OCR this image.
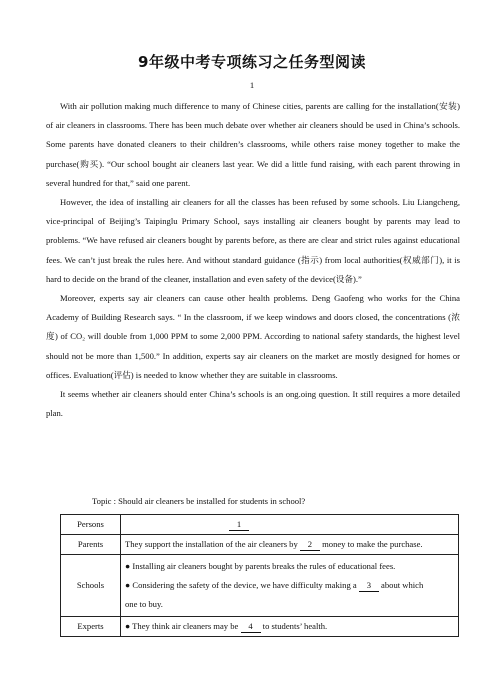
9年级中考专项练习之任务型阅读
1

With air pollution making much difference to many of Chinese cities, parents are calling for the installation(安装) of air cleaners in classrooms. There has been much debate over whether air cleaners should be used in China’s schools. Some parents have donated cleaners to their children’s classrooms, while others raise money together to make the purchase(购买). “Our school bought air cleaners last year. We did a little fund raising, with each parent throwing in several hundred for that,” said one parent.

However, the idea of installing air cleaners for all the classes has been refused by some schools. Liu Liangcheng, vice-principal of Beijing’s Taipinglu Primary School, says installing air cleaners bought by parents may lead to problems. “We have refused air cleaners bought by parents before, as there are clear and strict rules against educational fees. We can’t just break the rules here. And without standard guidance (指示) from local authorities(权威部门), it is hard to decide on the brand of the cleaner, installation and even safety of the device(设备).”

Moreover, experts say air cleaners can cause other health problems. Deng Gaofeng who works for the China Academy of Building Research says. “ In the classroom, if we keep windows and doors closed, the concentrations (浓度) of CO₂ will double from 1,000 PPM to some 2,000 PPM. According to national safety standards, the highest level should not be more than 1,500.” In addition, experts say air cleaners on the market are mostly designed for homes or offices. Evaluation(评估) is needed to know whether they are suitable in classrooms.

It seems whether air cleaners should enter China’s schools is an ong.oing question. It still requires a more detailed plan.

Topic : Should air cleaners be installed for students in school?
Persons	1
Parents	They support the installation of the air cleaners by 2 money to make the purchase.
Schools	● Installing air cleaners bought by parents breaks the rules of educational fees.
● Considering the safety of the device, we have difficulty making a 3 about which
one to buy.

Experts	● They think air cleaners may be 4 to students’ health.
